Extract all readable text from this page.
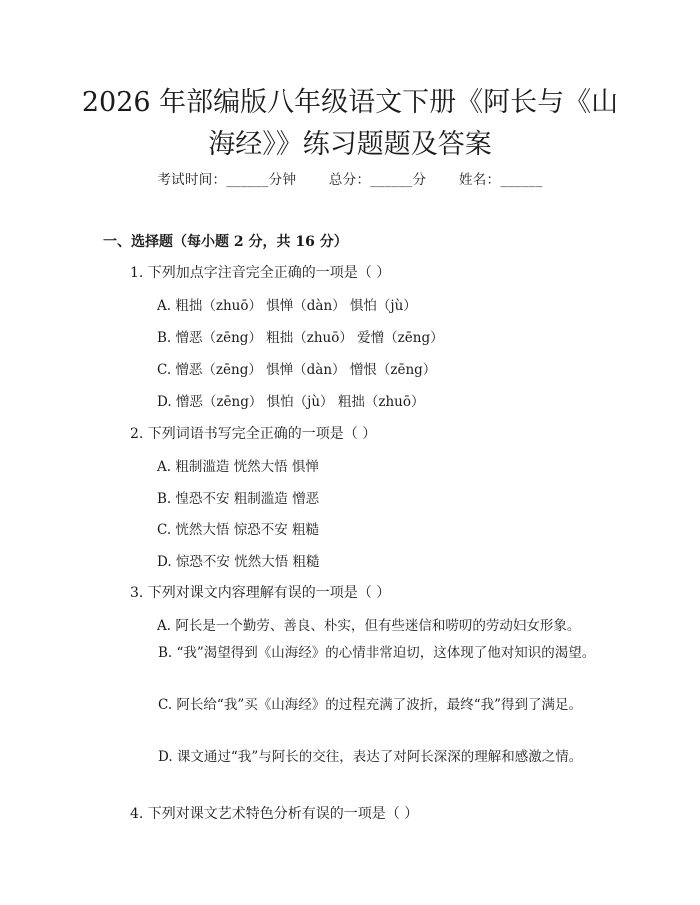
2026 年部编版八年级语文下册《阿长与《山
海经》》练习题题及答案
考试时间：______分钟 总分：______分 姓名：______
一、选择题（每小题 2 分，共 16 分）
1. 下列加点字注音完全正确的一项是（ ）
A. 粗拙（zhuō） 惧惮（dàn） 惧怕（jù）
B. 憎恶（zēng） 粗拙（zhuō） 爱憎（zēng）
C. 憎恶（zēng） 惧惮（dàn） 憎恨（zēng）
D. 憎恶（zēng） 惧怕（jù） 粗拙（zhuō）
2. 下列词语书写完全正确的一项是（ ）
A. 粗制滥造 恍然大悟 惧惮
B. 惶恐不安 粗制滥造 憎恶
C. 恍然大悟 惊恐不安 粗糙
D. 惊恐不安 恍然大悟 粗糙
3. 下列对课文内容理解有误的一项是（ ）
A. 阿长是一个勤劳、善良、朴实，但有些迷信和唠叨的劳动妇女形象。
B. “我”渴望得到《山海经》的心情非常迫切，这体现了他对知识的渴望。
C. 阿长给“我”买《山海经》的过程充满了波折，最终“我”得到了满足。
D. 课文通过“我”与阿长的交往，表达了对阿长深深的理解和感激之情。
4. 下列对课文艺术特色分析有误的一项是（ ）
